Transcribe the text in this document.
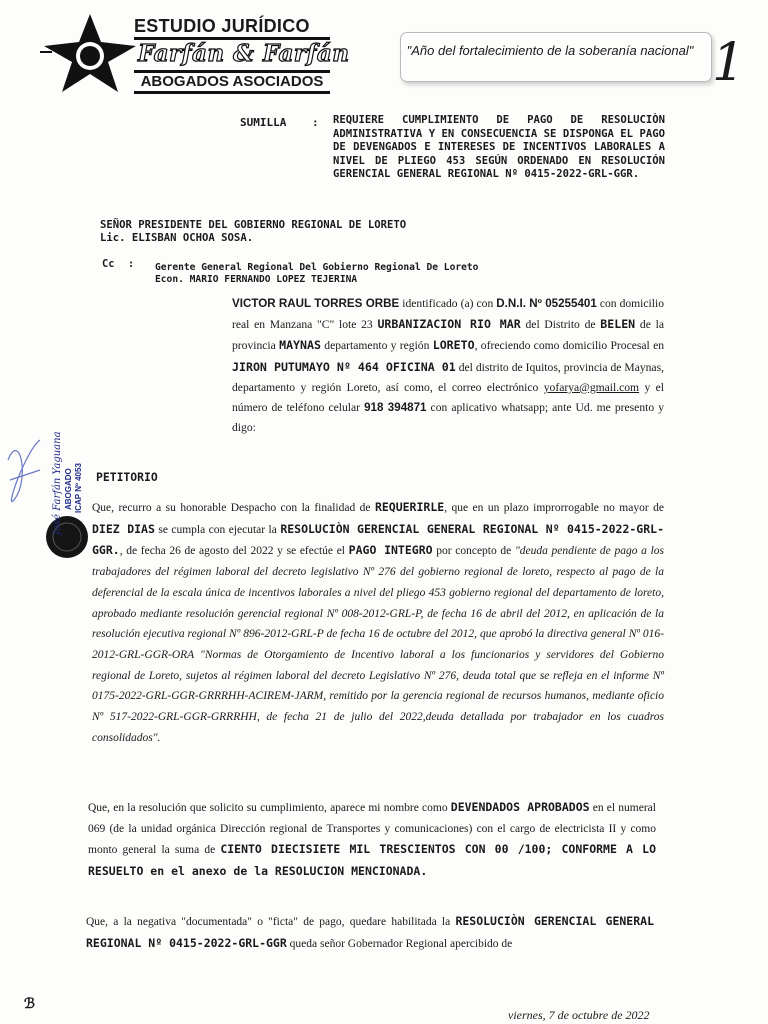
ESTUDIO JURÍDICO
Farfán & Farfán
ABOGADOS ASOCIADOS
"Año del fortalecimiento de la soberanía nacional" 1
SUMILLA : REQUIERE CUMPLIMIENTO DE PAGO DE RESOLUCIÒN ADMINISTRATIVA Y EN CONSECUENCIA SE DISPONGA EL PAGO DE DEVENGADOS E INTERESES DE INCENTIVOS LABORALES A NIVEL DE PLIEGO 453 SEGÚN ORDENADO EN RESOLUCIÓN GERENCIAL GENERAL REGIONAL Nº 0415-2022-GRL-GGR.
SEÑOR PRESIDENTE DEL GOBIERNO REGIONAL DE LORETO
Lic. ELISBAN OCHOA SOSA.
Cc : Gerente General Regional Del Gobierno Regional De Loreto
Econ. MARIO FERNANDO LOPEZ TEJERINA
VICTOR RAUL TORRES ORBE identificado (a) con D.N.I. Nº 05255401 con domicilio real en Manzana "C" lote 23 URBANIZACION RIO MAR del Distrito de BELEN de la provincia MAYNAS departamento y región LORETO, ofreciendo como domicilio Procesal en JIRON PUTUMAYO Nº 464 OFICINA 01 del distrito de Iquitos, provincia de Maynas, departamento y región Loreto, así como, el correo electrónico yofarya@gmail.com y el número de teléfono celular 918 394871 con aplicativo whatsapp; ante Ud. me presento y digo:
José Farfán Yaguana ABOGADO ICAP Nº 4053 PETITORIO
Que, recurro a su honorable Despacho con la finalidad de REQUERIRLE, que en un plazo improrrogable no mayor de DIEZ DIAS se cumpla con ejecutar la RESOLUCIÒN GERENCIAL GENERAL REGIONAL Nº 0415-2022-GRL-GGR., de fecha 26 de agosto del 2022 y se efectúe el PAGO INTEGRO por concepto de "deuda pendiente de pago a los trabajadores del régimen laboral del decreto legislativo Nº 276 del gobierno regional de loreto, respecto al pago de la deferencial de la escala única de incentivos laborales a nivel del pliego 453 gobierno regional del departamento de loreto, aprobado mediante resolución gerencial regional Nº 008-2012-GRL-P, de fecha 16 de abril del 2012, en aplicación de la resolución ejecutiva regional Nº 896-2012-GRL-P de fecha 16 de octubre del 2012, que aprobó la directiva general Nº 016-2012-GRL-GGR-ORA "Normas de Otorgamiento de Incentivo laboral a los funcionarios y servidores del Gobierno regional de Loreto, sujetos al régimen laboral del decreto Legislativo Nº 276, deuda total que se refleja en el informe Nº 0175-2022-GRL-GGR-GRRRHH-ACIREM-JARM, remitido por la gerencia regional de recursos humanos, mediante oficio Nº 517-2022-GRL-GGR-GRRRHH, de fecha 21 de julio del 2022,deuda detallada por trabajador en los cuadros consolidados".
Que, en la resolución que solicito su cumplimiento, aparece mi nombre como DEVENDADOS APROBADOS en el numeral 069 (de la unidad orgánica Dirección regional de Transportes y comunicaciones) con el cargo de electricista II y como monto general la suma de CIENTO DIECISIETE MIL TRESCIENTOS CON 00 /100; CONFORME A LO RESUELTO en el anexo de la RESOLUCION MENCIONADA.
Que, a la negativa "documentada" o "ficta" de pago, quedare habilitada la RESOLUCIÒN GERENCIAL GENERAL REGIONAL Nº 0415-2022-GRL-GGR queda señor Gobernador Regional apercibido de
ℬ
viernes, 7 de octubre de 2022
